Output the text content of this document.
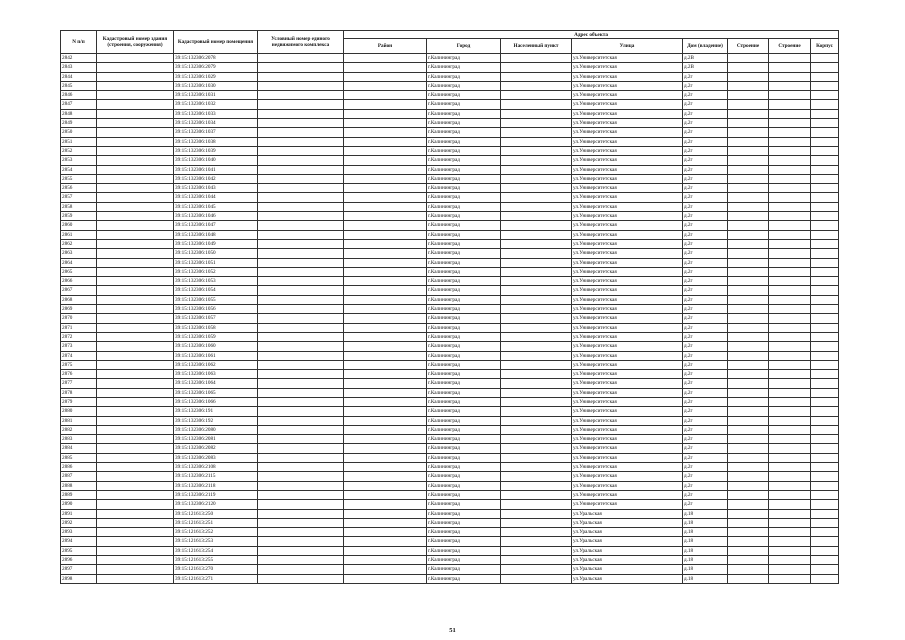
N п/п	Кадастровый номер здания (строения, сооружения)	Кадастровый номер помещения	Условный номер единого недвижимого комплекса	Адрес объекта							
				Район	Город	Населенный пункт	Улица	Дом (владение)	Строение	Строение	Корпус
2842		39:15:132306:2078			г.Калининград		ул.Университетская	д.2В			
2843		39:15:132306:2079			г.Калининград		ул.Университетская	д.2В			
2844		39:15:132306:1029			г.Калининград		ул.Университетская	д.2г			
2845		39:15:132306:1030			г.Калининград		ул.Университетская	д.2г			
2846		39:15:132306:1031			г.Калининград		ул.Университетская	д.2г			
2847		39:15:132306:1032			г.Калининград		ул.Университетская	д.2г			
2848		39:15:132306:1033			г.Калининград		ул.Университетская	д.2г			
2849		39:15:132306:1034			г.Калининград		ул.Университетская	д.2г			
2850		39:15:132306:1037			г.Калининград		ул.Университетская	д.2г			
2851		39:15:132306:1038			г.Калининград		ул.Университетская	д.2г			
2852		39:15:132306:1039			г.Калининград		ул.Университетская	д.2г			
2853		39:15:132306:1040			г.Калининград		ул.Университетская	д.2г			
2854		39:15:132306:1041			г.Калининград		ул.Университетская	д.2г			
2855		39:15:132306:1042			г.Калининград		ул.Университетская	д.2г			
2856		39:15:132306:1043			г.Калининград		ул.Университетская	д.2г			
2857		39:15:132306:1044			г.Калининград		ул.Университетская	д.2г			
2858		39:15:132306:1045			г.Калининград		ул.Университетская	д.2г			
2859		39:15:132306:1046			г.Калининград		ул.Университетская	д.2г			
2860		39:15:132306:1047			г.Калининград		ул.Университетская	д.2г			
2861		39:15:132306:1048			г.Калининград		ул.Университетская	д.2г			
2862		39:15:132306:1049			г.Калининград		ул.Университетская	д.2г			
2863		39:15:132306:1050			г.Калининград		ул.Университетская	д.2г			
2864		39:15:132306:1051			г.Калининград		ул.Университетская	д.2г			
2865		39:15:132306:1052			г.Калининград		ул.Университетская	д.2г			
2866		39:15:132306:1053			г.Калининград		ул.Университетская	д.2г			
2867		39:15:132306:1054			г.Калининград		ул.Университетская	д.2г			
2868		39:15:132306:1055			г.Калининград		ул.Университетская	д.2г			
2869		39:15:132306:1056			г.Калининград		ул.Университетская	д.2г			
2870		39:15:132306:1057			г.Калининград		ул.Университетская	д.2г			
2871		39:15:132306:1058			г.Калининград		ул.Университетская	д.2г			
2872		39:15:132306:1059			г.Калининград		ул.Университетская	д.2г			
2873		39:15:132306:1060			г.Калининград		ул.Университетская	д.2г			
2874		39:15:132306:1061			г.Калининград		ул.Университетская	д.2г			
2875		39:15:132306:1062			г.Калининград		ул.Университетская	д.2г			
2876		39:15:132306:1063			г.Калининград		ул.Университетская	д.2г			
2877		39:15:132306:1064			г.Калининград		ул.Университетская	д.2г			
2878		39:15:132306:1065			г.Калининград		ул.Университетская	д.2г			
2879		39:15:132306:1066			г.Калининград		ул.Университетская	д.2г			
2880		39:15:132306:191			г.Калининград		ул.Университетская	д.2г			
2881		39:15:132306:192			г.Калининград		ул.Университетская	д.2г			
2882		39:15:132306:2080			г.Калининград		ул.Университетская	д.2г			
2883		39:15:132306:2081			г.Калининград		ул.Университетская	д.2г			
2884		39:15:132306:2082			г.Калининград		ул.Университетская	д.2г			
2885		39:15:132306:2083			г.Калининград		ул.Университетская	д.2г			
2886		39:15:132306:2108			г.Калининград		ул.Университетская	д.2г			
2887		39:15:132306:2115			г.Калининград		ул.Университетская	д.2г			
2888		39:15:132306:2118			г.Калининград		ул.Университетская	д.2г			
2889		39:15:132306:2119			г.Калининград		ул.Университетская	д.2г			
2890		39:15:132306:2120			г.Калининград		ул.Университетская	д.2г			
2891		39:15:121613:250			г.Калининград		ул.Уральская	д.18			
2892		39:15:121613:251			г.Калининград		ул.Уральская	д.18			
2893		39:15:121613:252			г.Калининград		ул.Уральская	д.18			
2894		39:15:121613:253			г.Калининград		ул.Уральская	д.18			
2895		39:15:121613:254			г.Калининград		ул.Уральская	д.18			
2896		39:15:121613:255			г.Калининград		ул.Уральская	д.18			
2897		39:15:121613:270			г.Калининград		ул.Уральская	д.18			
2898		39:15:121613:271			г.Калининград		ул.Уральская	д.18			
51
